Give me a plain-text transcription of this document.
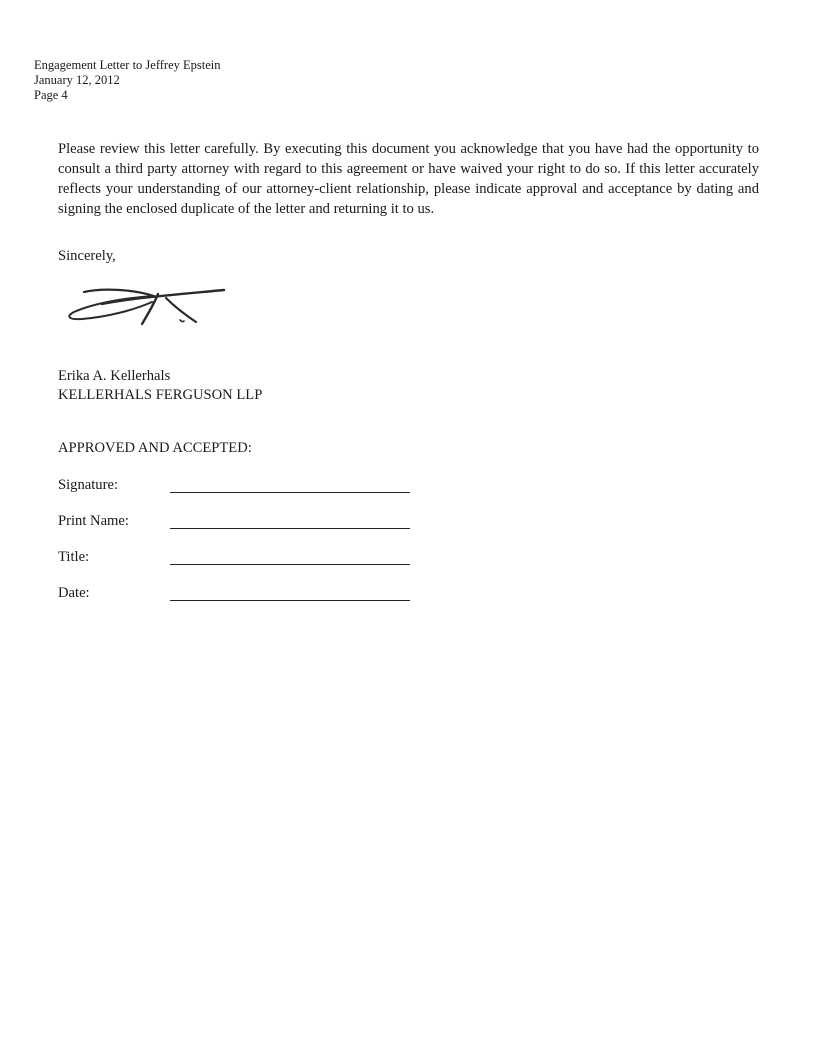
Engagement Letter to Jeffrey Epstein
January 12, 2012
Page 4

Please review this letter carefully. By executing this document you acknowledge that you have had the opportunity to consult a third party attorney with regard to this agreement or have waived your right to do so. If this letter accurately reflects your understanding of our attorney-client relationship, please indicate approval and acceptance by dating and signing the enclosed duplicate of the letter and returning it to us.

Sincerely,
Erika A. Kellerhals
KELLERHALS FERGUSON LLP
APPROVED AND ACCEPTED:
Signature:
Print Name:
Title:
Date:
